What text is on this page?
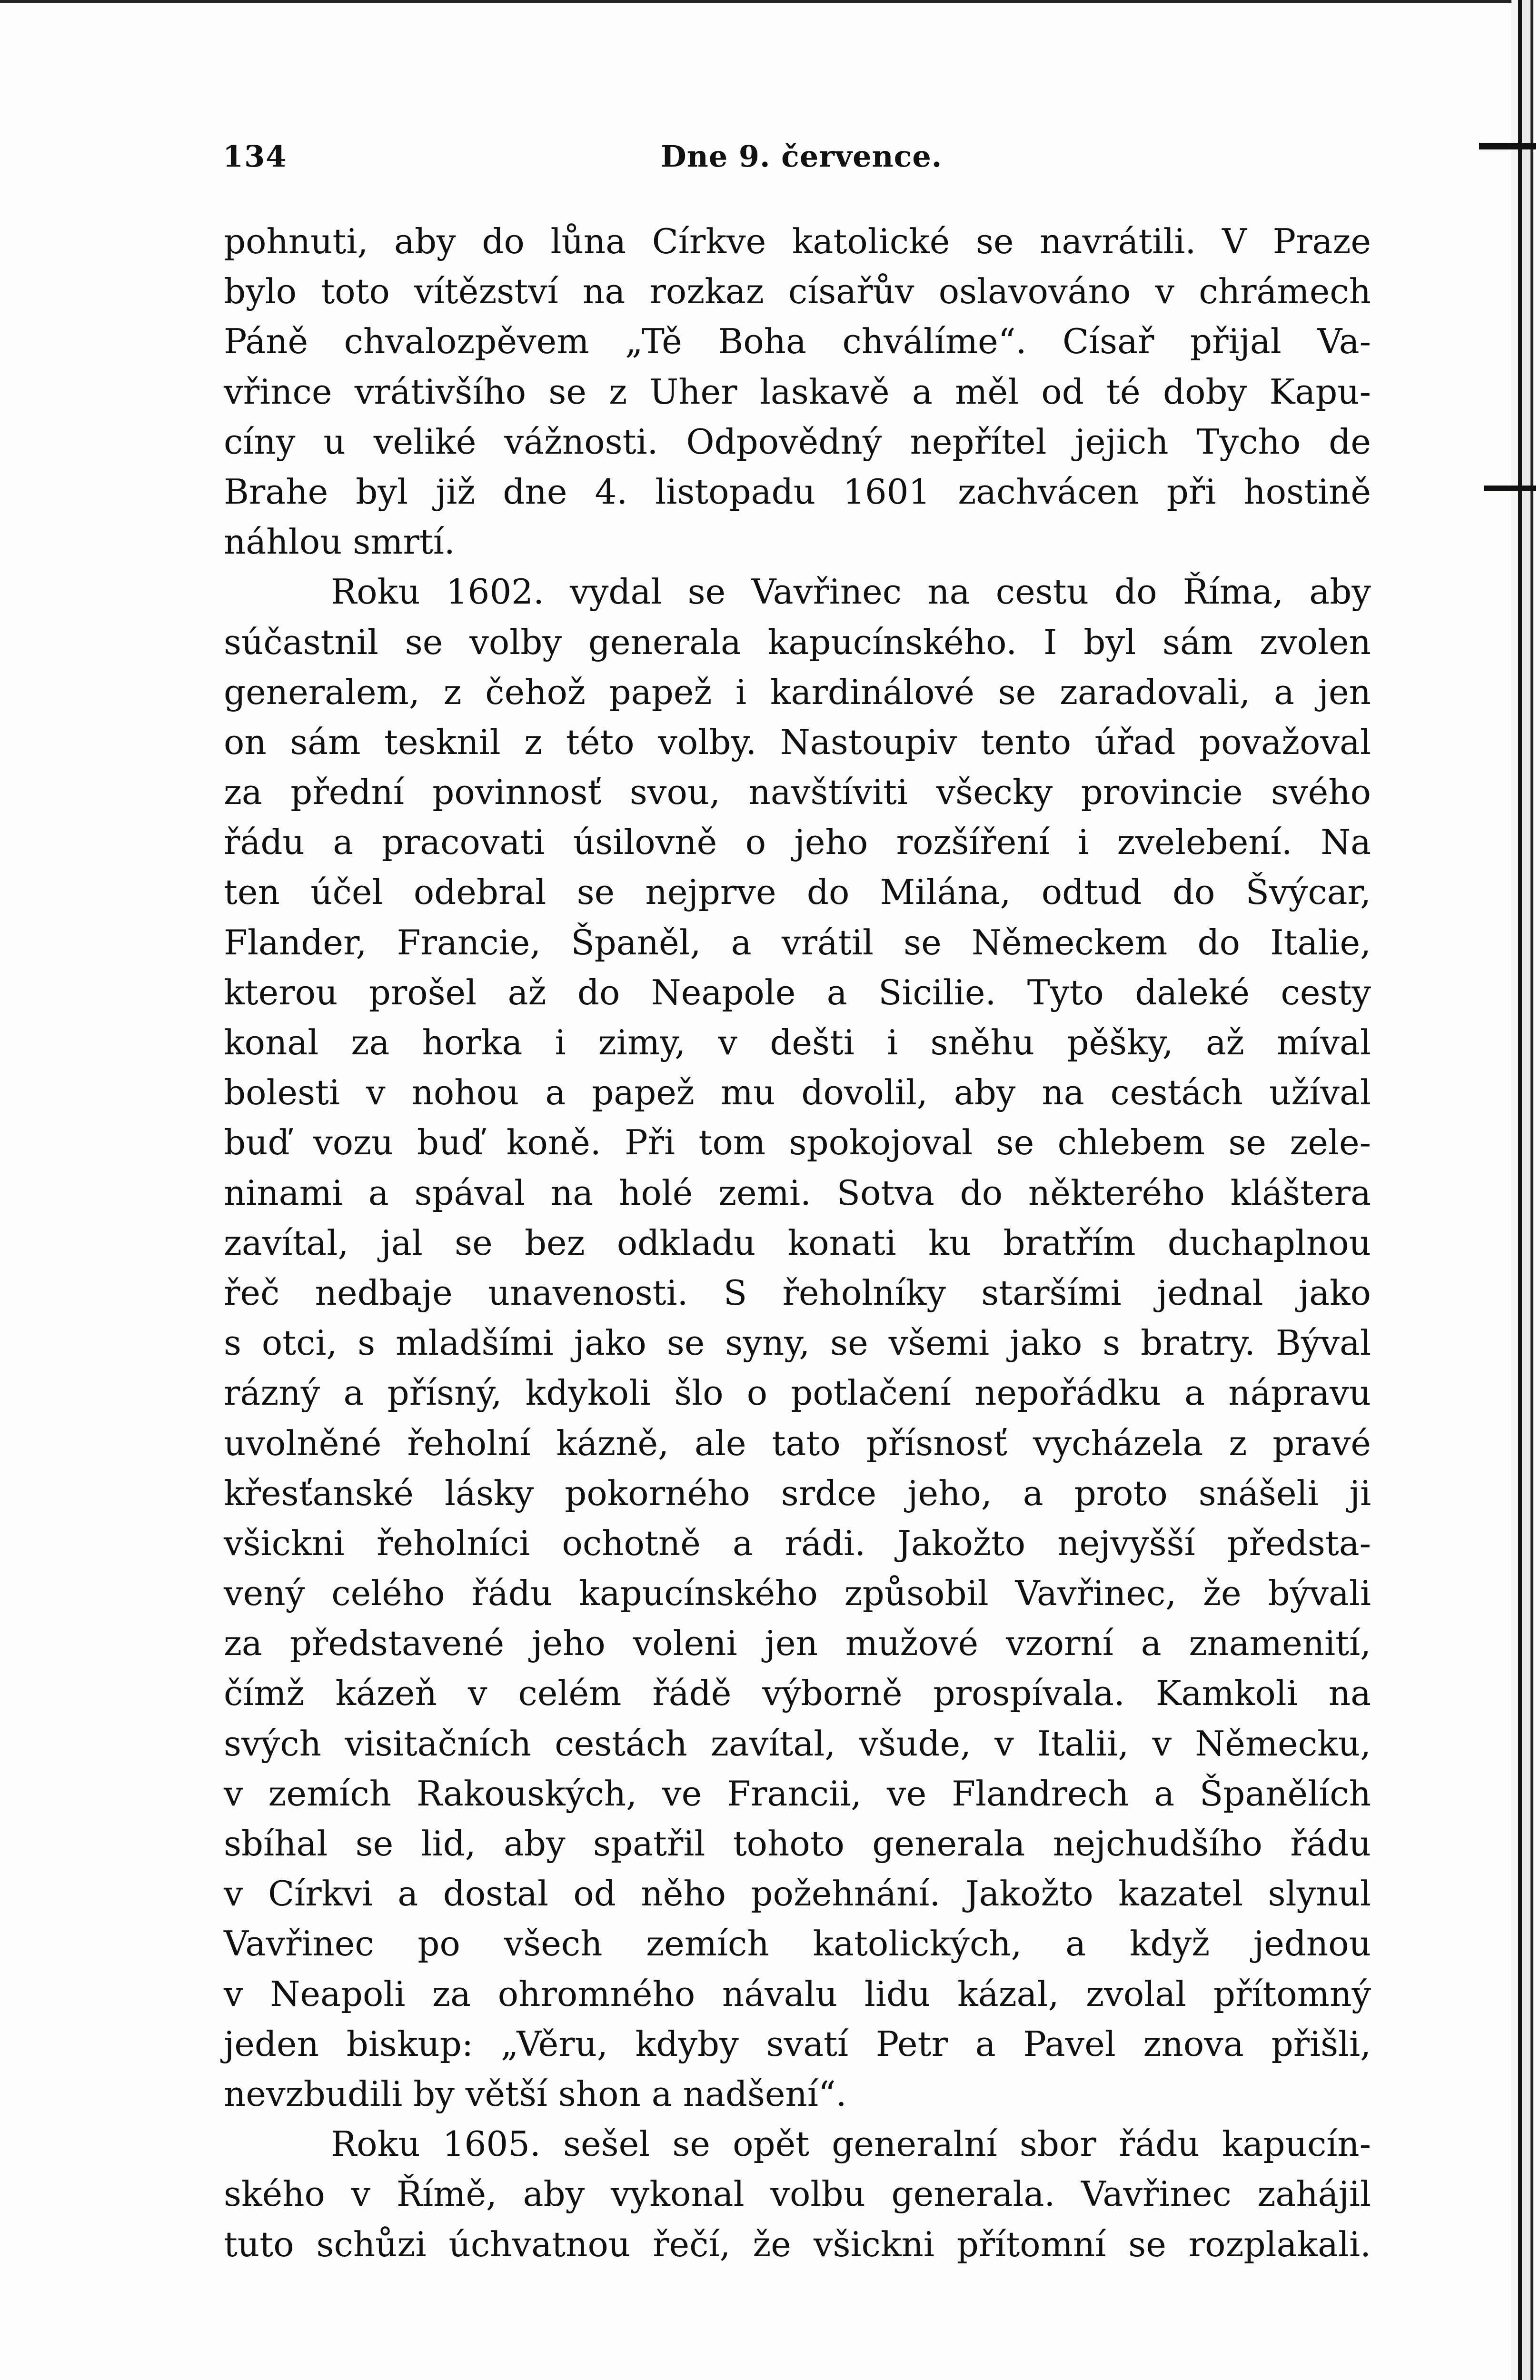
134	Dne 9. července.
pohnuti, aby do lůna Církve katolické se navrátili. V Praze
bylo toto vítězství na rozkaz císařův oslavováno v chrámech
Páně chvalozpěvem „Tě Boha chválíme“. Císař přijal Va-
vřince vrátivšího se z Uher laskavě a měl od té doby Kapu-
cíny u veliké vážnosti. Odpovědný nepřítel jejich Tycho de
Brahe byl již dne 4. listopadu 1601 zachvácen při hostině
náhlou smrtí.
Roku 1602. vydal se Vavřinec na cestu do Říma, aby
súčastnil se volby generala kapucínského. I byl sám zvolen
generalem, z čehož papež i kardinálové se zaradovali, a jen
on sám tesknil z této volby. Nastoupiv tento úřad považoval
za přední povinnosť svou, navštíviti všecky provincie svého
řádu a pracovati úsilovně o jeho rozšíření i zvelebení. Na
ten účel odebral se nejprve do Milána, odtud do Švýcar,
Flander, Francie, Španěl, a vrátil se Německem do Italie,
kterou prošel až do Neapole a Sicilie. Tyto daleké cesty
konal za horka i zimy, v dešti i sněhu pěšky, až míval
bolesti v nohou a papež mu dovolil, aby na cestách užíval
buď vozu buď koně. Při tom spokojoval se chlebem se zele-
ninami a spával na holé zemi. Sotva do některého kláštera
zavítal, jal se bez odkladu konati ku bratřím duchaplnou
řeč nedbaje unavenosti. S řeholníky staršími jednal jako
s otci, s mladšími jako se syny, se všemi jako s bratry. Býval
rázný a přísný, kdykoli šlo o potlačení nepořádku a nápravu
uvolněné řeholní kázně, ale tato přísnosť vycházela z pravé
křesťanské lásky pokorného srdce jeho, a proto snášeli ji
všickni řeholníci ochotně a rádi. Jakožto nejvyšší předsta-
vený celého řádu kapucínského způsobil Vavřinec, že bývali
za představené jeho voleni jen mužové vzorní a znamenití,
čímž kázeň v celém řádě výborně prospívala. Kamkoli na
svých visitačních cestách zavítal, všude, v Italii, v Německu,
v zemích Rakouských, ve Francii, ve Flandrech a Španělích
sbíhal se lid, aby spatřil tohoto generala nejchudšího řádu
v Církvi a dostal od něho požehnání. Jakožto kazatel slynul
Vavřinec po všech zemích katolických, a když jednou
v Neapoli za ohromného návalu lidu kázal, zvolal přítomný
jeden biskup: „Věru, kdyby svatí Petr a Pavel znova přišli,
nevzbudili by větší shon a nadšení“.
Roku 1605. sešel se opět generalní sbor řádu kapucín-
ského v Římě, aby vykonal volbu generala. Vavřinec zahájil
tuto schůzi úchvatnou řečí, že všickni přítomní se rozplakali.
